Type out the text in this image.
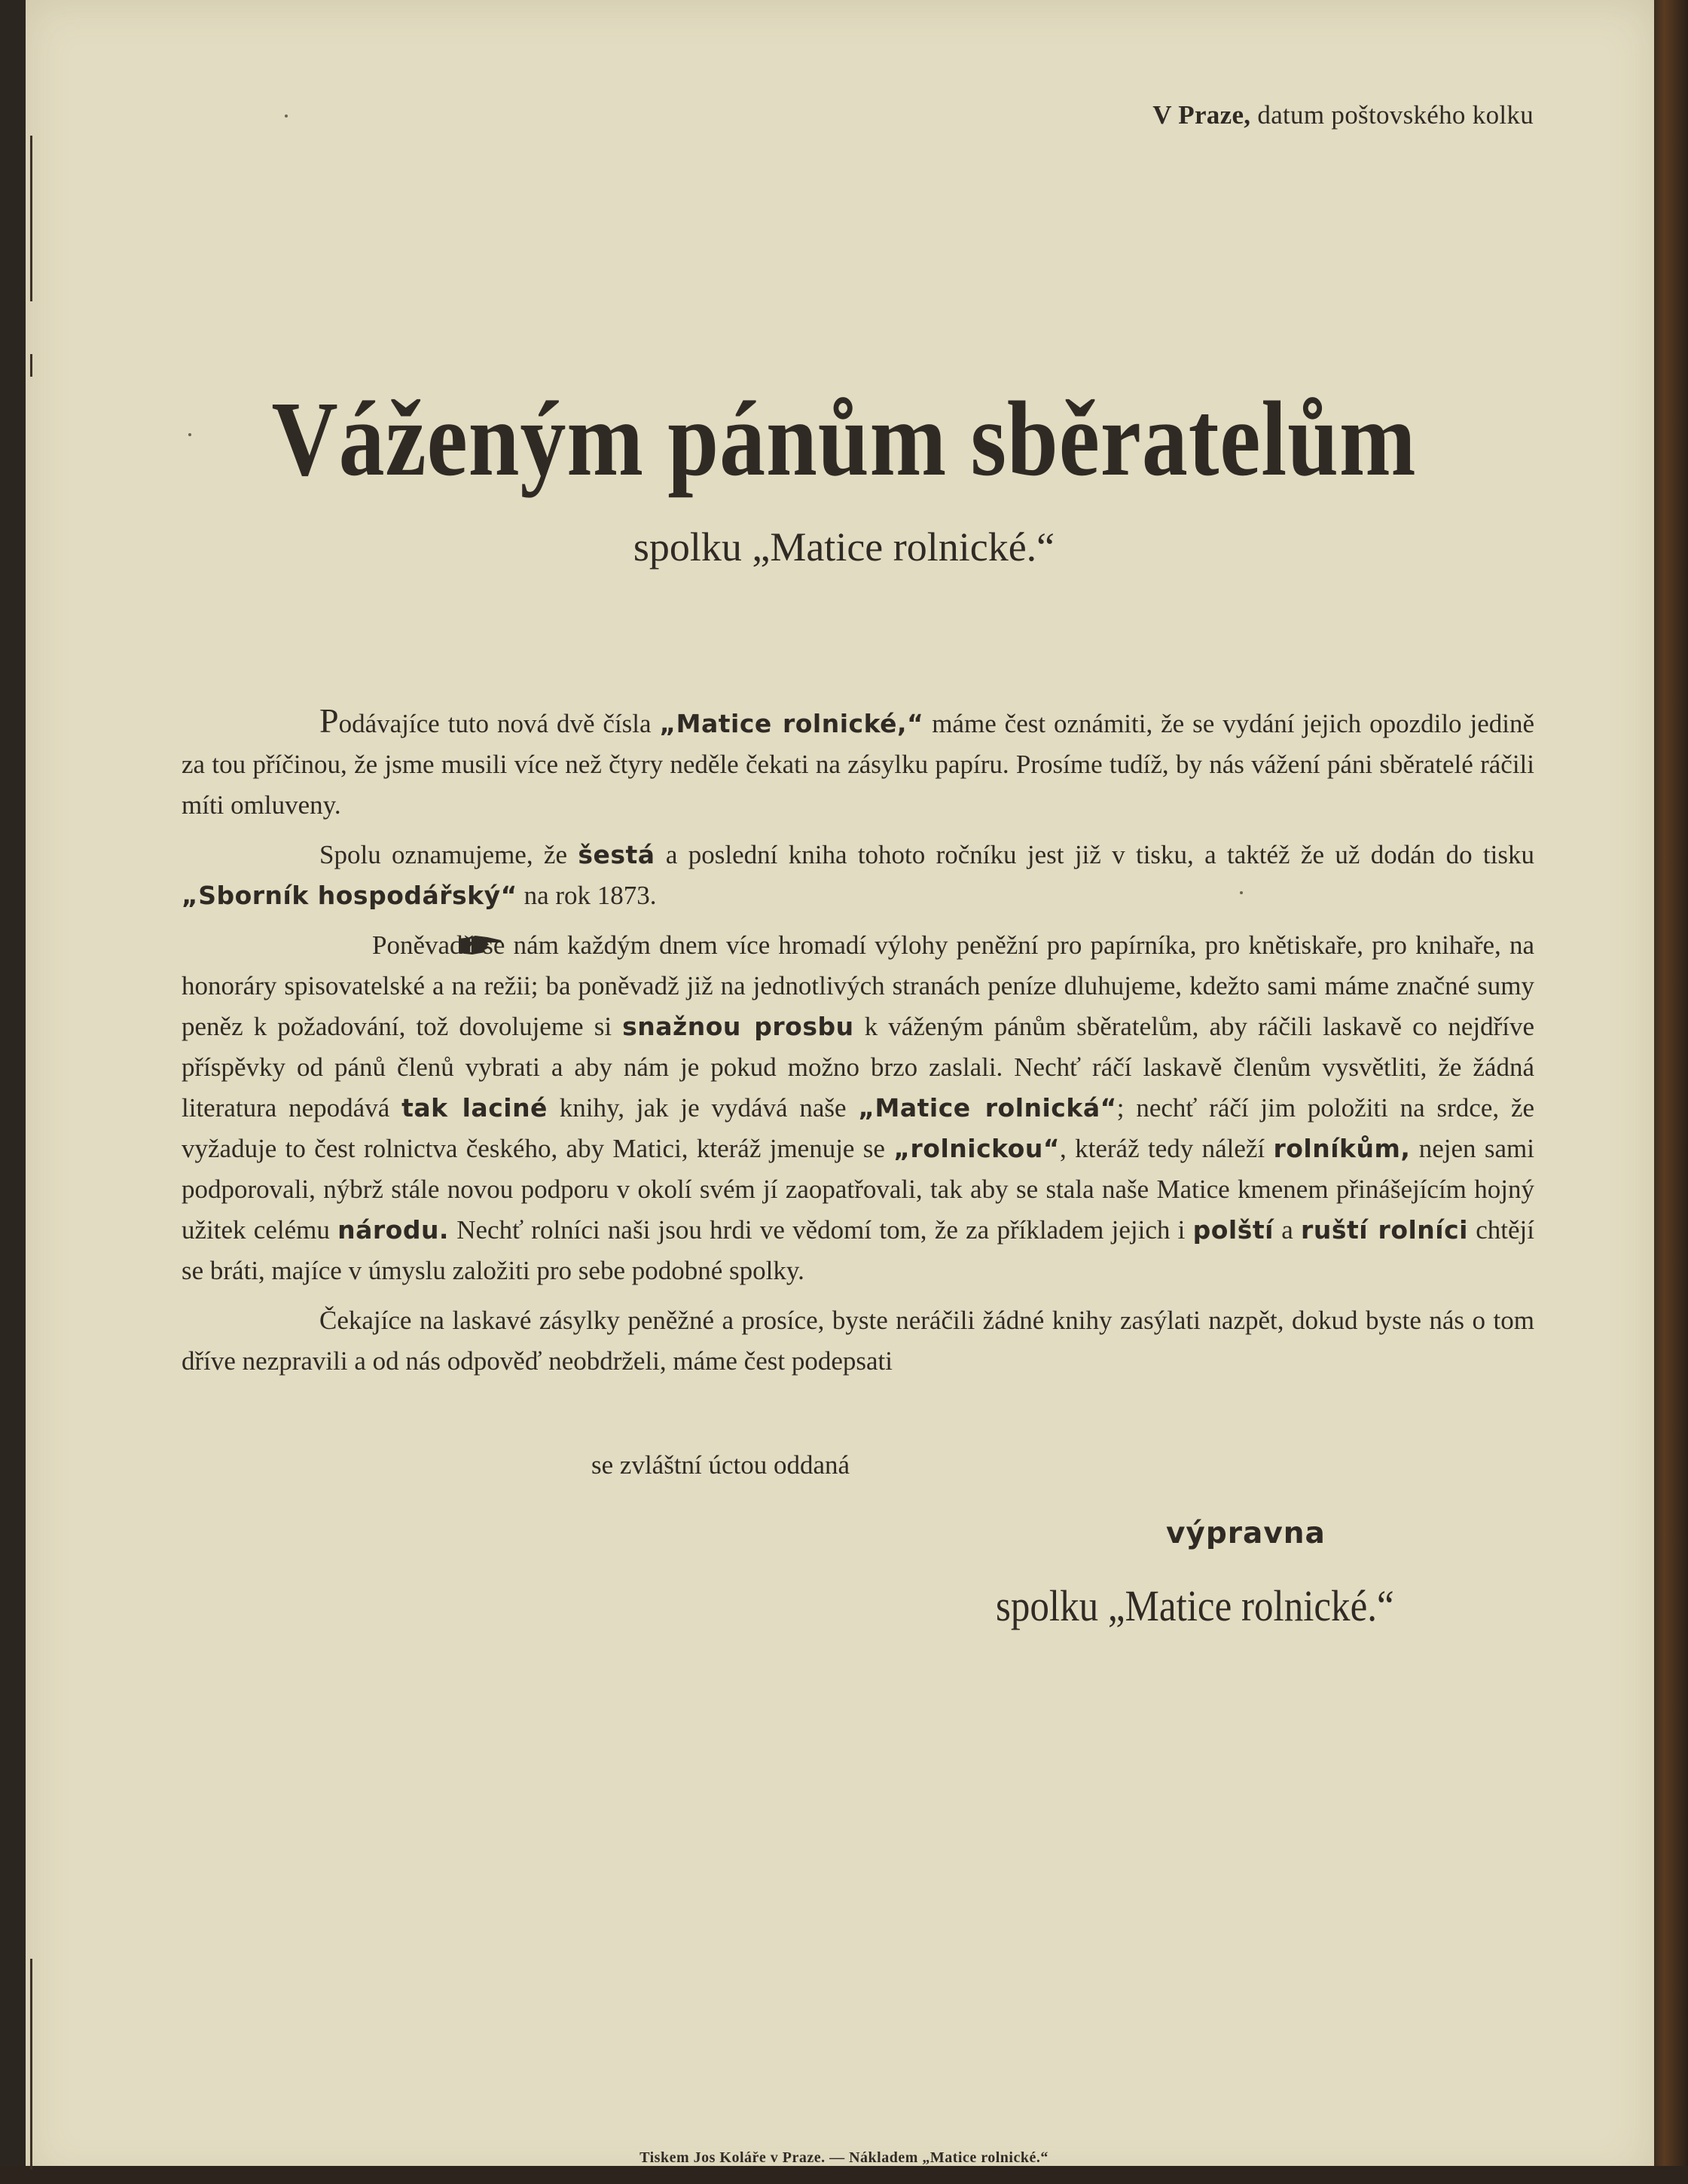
V Praze, datum poštovského kolku
Váženým pánům sběratelům
spolku „Matice rolnické.“

Podávajíce tuto nová dvě čísla „Matice rolnické,“ máme čest oznámiti, že se vydání jejich opozdilo jedině za tou příčinou, že jsme musili více než čtyry neděle čekati na zásylku papíru. Prosíme tudíž, by nás vážení páni sběratelé ráčili míti omluveny.

Spolu oznamujeme, že šestá a poslední kniha tohoto ročníku jest již v tisku, a taktéž že už dodán do tisku „Sborník hospodářský“ na rok 1873.

Poněvadž se nám každým dnem více hromadí výlohy peněžní pro papírníka, pro knětiskaře, pro knihaře, na honoráry spisovatelské a na režii; ba poněvadž již na jednotlivých stranách peníze dluhujeme, kdežto sami máme značné sumy peněz k požadování, tož dovolujeme si snažnou prosbu k váženým pánům sběratelům, aby ráčili laskavě co nejdříve příspěvky od pánů členů vybrati a aby nám je pokud možno brzo zaslali. Nechť ráčí laskavě členům vysvětliti, že žádná literatura nepodává tak laciné knihy, jak je vydává naše „Matice rolnická“; nechť ráčí jim položiti na srdce, že vyžaduje to čest rolnictva českého, aby Matici, kteráž jmenuje se „rolnickou“, kteráž tedy náleží rolníkům, nejen sami podporovali, nýbrž stále novou podporu v okolí svém jí zaopatřovali, tak aby se stala naše Matice kmenem přinášejícím hojný užitek celému národu. Nechť rolníci naši jsou hrdi ve vědomí tom, že za příkladem jejich i polští a ruští rolníci chtějí se bráti, majíce v úmyslu založiti pro sebe podobné spolky.

Čekajíce na laskavé zásylky peněžné a prosíce, byste neráčili žádné knihy zasýlati nazpět, dokud byste nás o tom dříve nezpravili a od nás odpověď neobdrželi, máme čest podepsati

se zvláštní úctou oddaná
výpravna
spolku „Matice rolnické.“
Tiskem Jos Koláře v Praze. — Nákladem „Matice rolnické.“
